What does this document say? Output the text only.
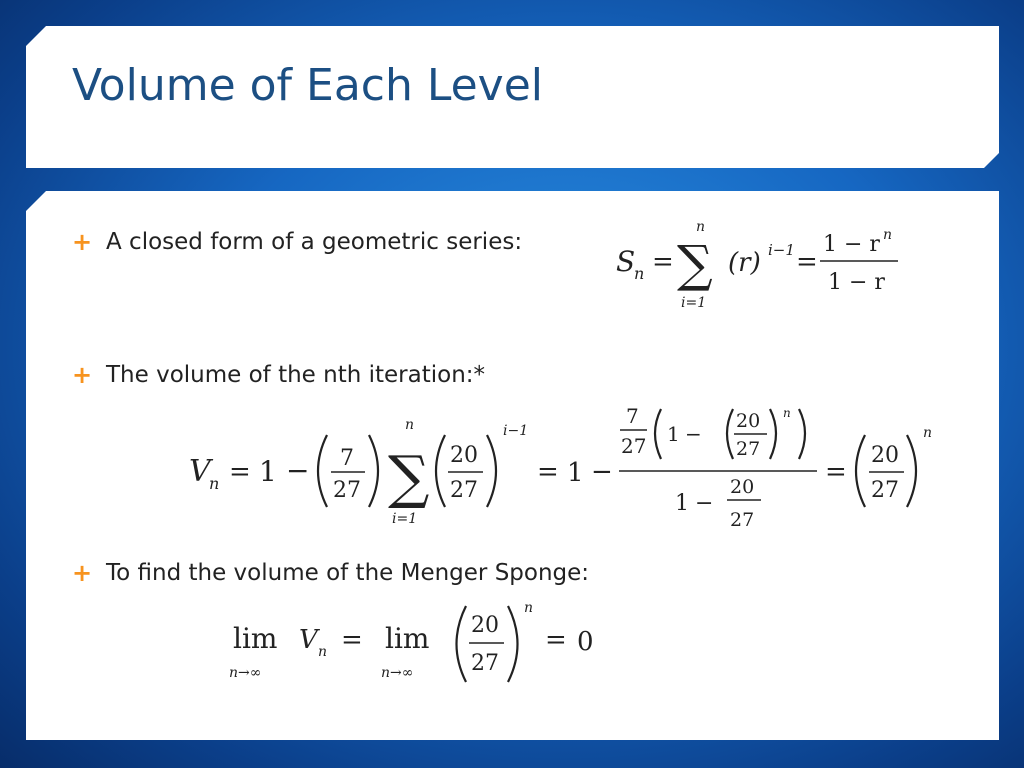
Volume of Each Level
+ A closed form of a geometric series:
+ The volume of the nth iteration:*
+ To find the volume of the Menger Sponge:
S
n = ∑
n
i=1
(r) i−1 =
1 − r n
1 − r
V
n = 1 − 7
27 ∑
n
i=1
20
27
i−1
= 1 −
7
27 1 −
20
27
n
1 −
20
27
=
20
27
n
lim
n→∞
V n = lim
n→∞
20
27
n
= 0
